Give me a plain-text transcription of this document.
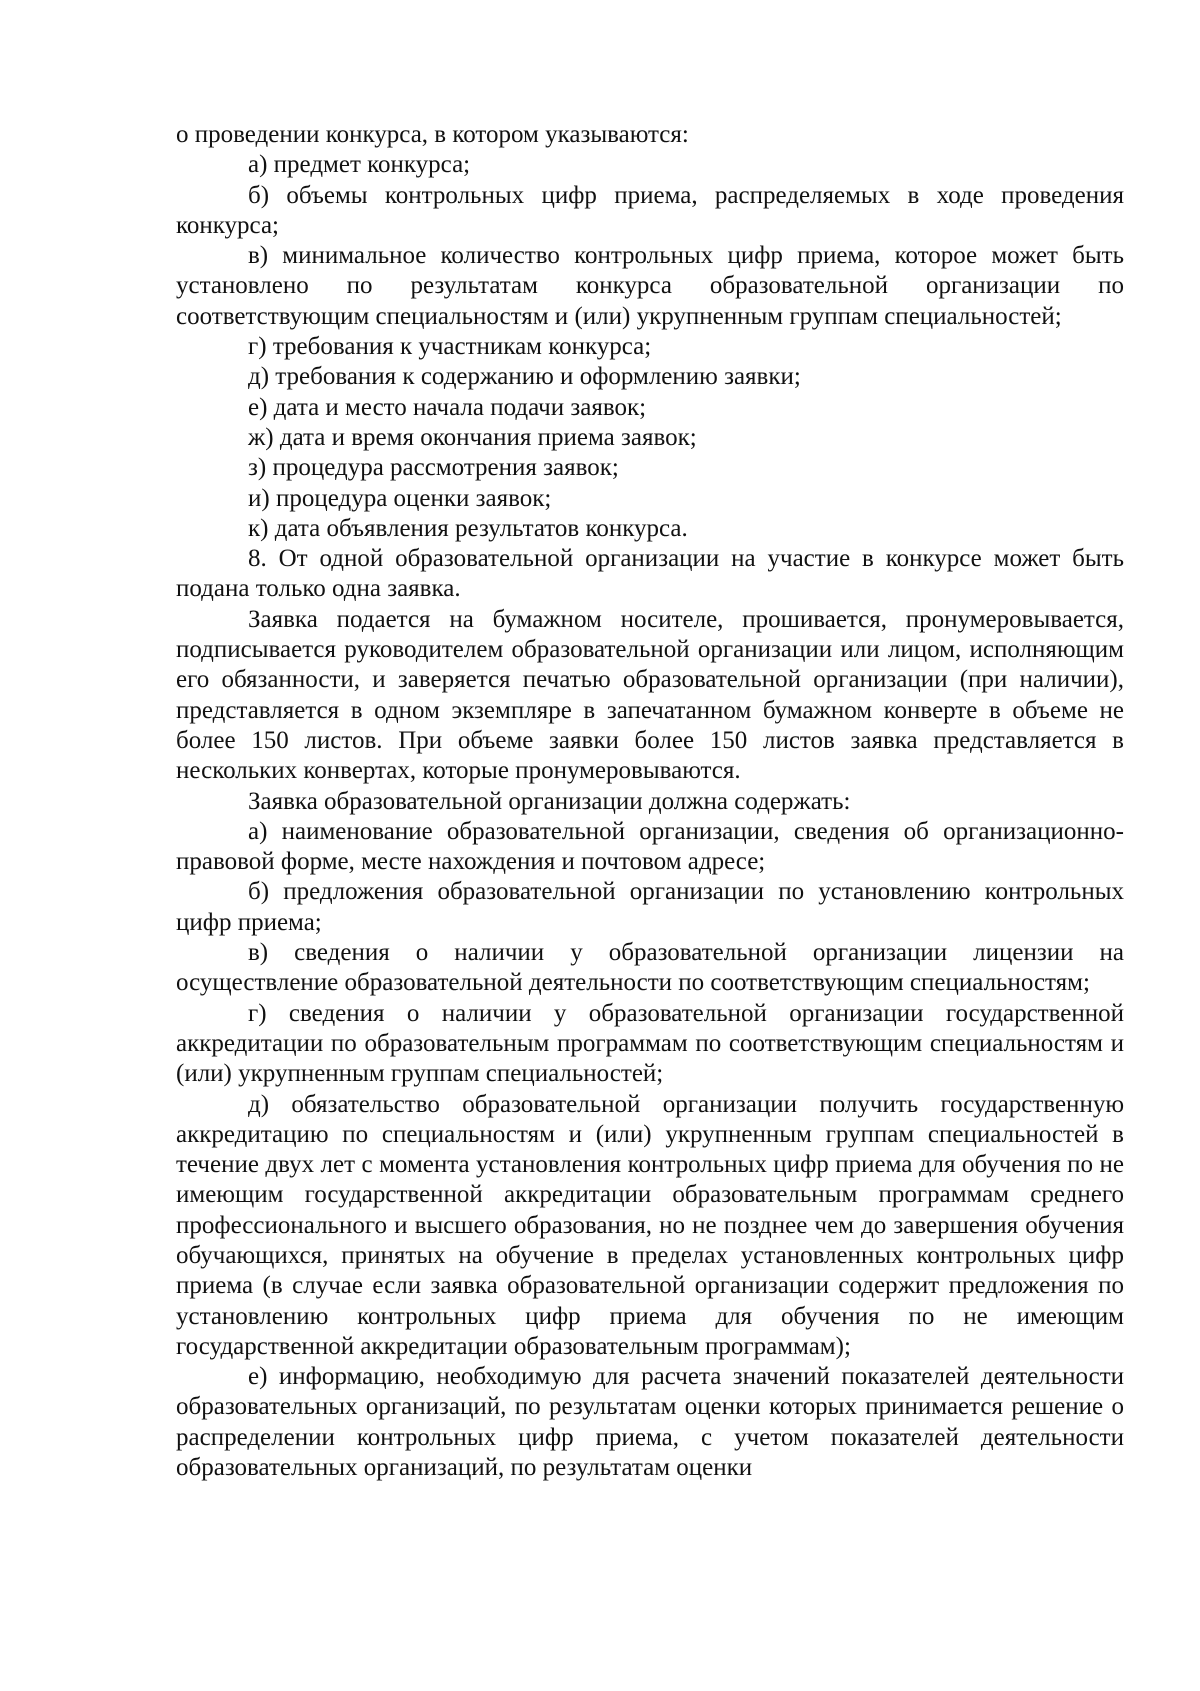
о проведении конкурса, в котором указываются:

а) предмет конкурса;

б) объемы контрольных цифр приема, распределяемых в ходе проведения конкурса;

в) минимальное количество контрольных цифр приема, которое может быть установлено по результатам конкурса образовательной организации по соответствующим специальностям и (или) укрупненным группам специальностей;

г) требования к участникам конкурса;

д) требования к содержанию и оформлению заявки;

е) дата и место начала подачи заявок;

ж) дата и время окончания приема заявок;

з) процедура рассмотрения заявок;

и) процедура оценки заявок;

к) дата объявления результатов конкурса.

8. От одной образовательной организации на участие в конкурсе может быть подана только одна заявка.

Заявка подается на бумажном носителе, прошивается, пронумеровывается, подписывается руководителем образовательной организации или лицом, исполняющим его обязанности, и заверяется печатью образовательной организации (при наличии), представляется в одном экземпляре в запечатанном бумажном конверте в объеме не более 150 листов. При объеме заявки более 150 листов заявка представляется в нескольких конвертах, которые пронумеровываются.

Заявка образовательной организации должна содержать:

а) наименование образовательной организации, сведения об организационно-правовой форме, месте нахождения и почтовом адресе;

б) предложения образовательной организации по установлению контрольных цифр приема;

в) сведения о наличии у образовательной организации лицензии на осуществление образовательной деятельности по соответствующим специальностям;

г) сведения о наличии у образовательной организации государственной аккредитации по образовательным программам по соответствующим специальностям и (или) укрупненным группам специальностей;

д) обязательство образовательной организации получить государственную аккредитацию по специальностям и (или) укрупненным группам специальностей в течение двух лет с момента установления контрольных цифр приема для обучения по не имеющим государственной аккредитации образовательным программам среднего профессионального и высшего образования, но не позднее чем до завершения обучения обучающихся, принятых на обучение в пределах установленных контрольных цифр приема (в случае если заявка образовательной организации содержит предложения по установлению контрольных цифр приема для обучения по не имеющим государственной аккредитации образовательным программам);

е) информацию, необходимую для расчета значений показателей деятельности образовательных организаций, по результатам оценки которых принимается решение о распределении контрольных цифр приема, с учетом показателей деятельности образовательных организаций, по результатам оценки
